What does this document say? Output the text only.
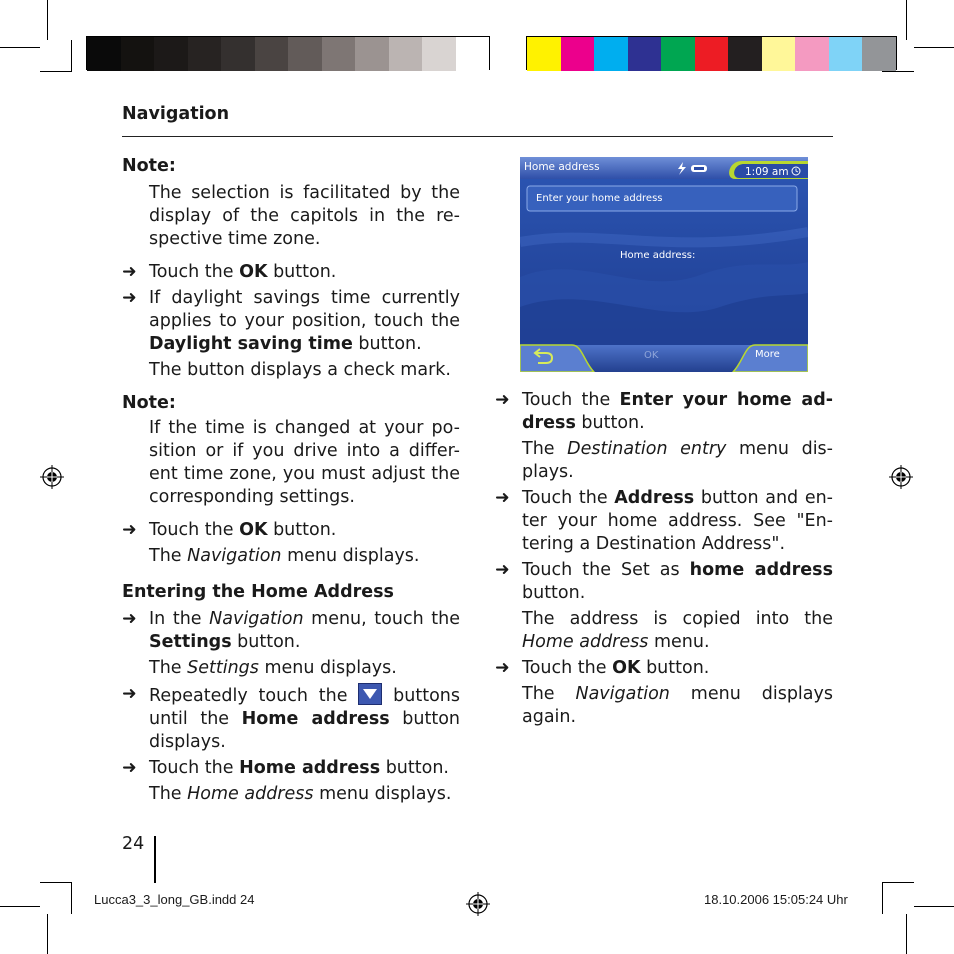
Navigation

Note:

The selection is facilitated by the display of the capitols in the re-spective time zone.

➜ Touch the OK button.

➜ If daylight savings time currently applies to your position, touch the Daylight saving time button.

The button displays a check mark.

Note:

If the time is changed at your po-sition or if you drive into a differ-ent time zone, you must adjust the corresponding settings.

➜ Touch the OK button.

The Navigation menu displays.

Entering the Home Address

➜ In the Navigation menu, touch the Settings button.

The Settings menu displays.

➜ Repeatedly touch the
buttons until the Home address button displays.

➜ Touch the Home address button.

The Home address menu displays.

Home address	1:09 am
Enter your home address
Home address:
OK	More

➜ Touch the Enter your home ad-dress button.

The Destination entry menu dis-plays.

➜ Touch the Address button and en-ter your home address. See "En-tering a Destination Address".

➜ Touch the Set as home address button.

The address is copied into the Home address menu.

➜ Touch the OK button.

The Navigation menu displays again.

24
Lucca3_3_long_GB.indd 24	18.10.2006 15:05:24 Uhr
